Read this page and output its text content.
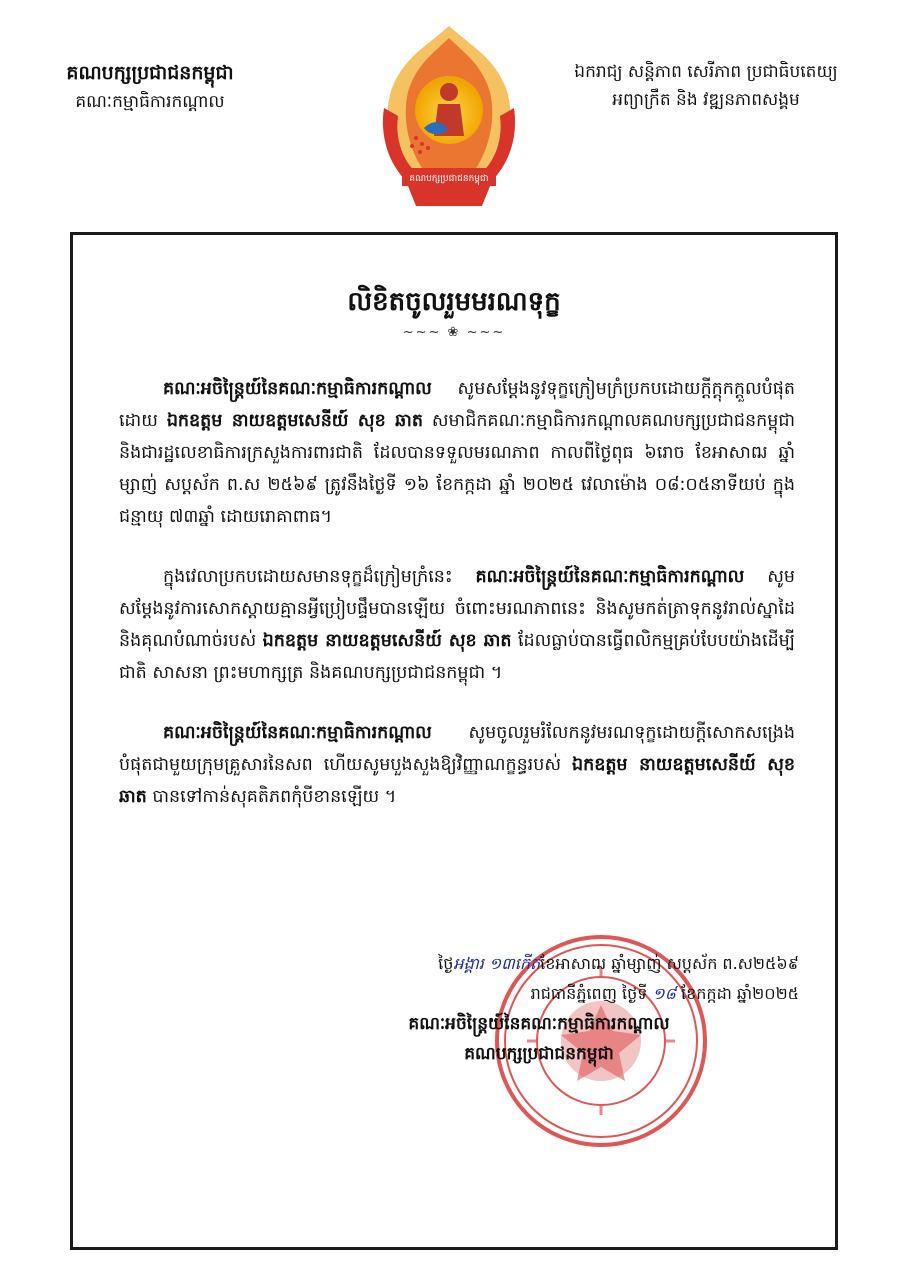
គណបក្សប្រជាជនកម្ពុជា
គណៈកម្មាធិការកណ្តាល
គណបក្សប្រជាជនកម្ពុជា
ឯករាជ្យ សន្តិភាព សេរីភាព ប្រជាធិបតេយ្យ
អព្យាក្រឹត និង វឌ្ឍនភាពសង្គម
លិខិតចូលរួមមរណទុក្ខ
~~~ ❀ ~~~

គណៈអចិន្ត្រៃយ៍នៃគណៈកម្មាធិការកណ្តាល សូមសម្តែងនូវទុក្ខក្រៀមក្រំប្រកបដោយក្តីក្តុកក្តួលបំផុតដោយ ឯកឧត្តម នាយឧត្តមសេនីយ៍ សុខ ឆាត សមាជិកគណៈកម្មាធិការកណ្តាលគណបក្សប្រជាជនកម្ពុជា និងជារដ្ឋលេខាធិការក្រសួងការពារជាតិ ដែលបានទទួលមរណភាព កាលពីថ្ងៃពុធ ៦រោច ខែអាសាឍ ឆ្នាំម្សាញ់ សប្តស័ក ព.ស ២៥៦៩ ត្រូវនឹងថ្ងៃទី ១៦ ខែកក្កដា ឆ្នាំ ២០២៥ វេលាម៉ោង ០៨:០៥នាទីយប់ ក្នុងជន្មាយុ ៧៣ឆ្នាំ ដោយរោគាពាធ។

ក្នុងវេលាប្រកបដោយសមានទុក្ខដ៏ក្រៀមក្រំនេះ គណៈអចិន្ត្រៃយ៍នៃគណៈកម្មាធិការកណ្តាល សូមសម្តែងនូវការសោកស្តាយគ្មានអ្វីប្រៀបផ្ទឹមបានឡើយ ចំពោះមរណភាពនេះ និងសូមកត់ត្រាទុកនូវរាល់ស្នាដៃ និងគុណបំណាច់របស់ ឯកឧត្តម នាយឧត្តមសេនីយ៍ សុខ ឆាត ដែលធ្លាប់បានធ្វើពលិកម្មគ្រប់បែបយ៉ាងដើម្បី ជាតិ សាសនា ព្រះមហាក្សត្រ និងគណបក្សប្រជាជនកម្ពុជា ។

គណៈអចិន្ត្រៃយ៍នៃគណៈកម្មាធិការកណ្តាល សូមចូលរួមរំលែកនូវមរណទុក្ខដោយក្តីសោកសង្រេងបំផុតជាមួយក្រុមគ្រួសារនៃសព ហើយសូមបួងសួងឱ្យវិញ្ញាណក្ខន្ធរបស់ ឯកឧត្តម នាយឧត្តមសេនីយ៍ សុខ ឆាត បានទៅកាន់សុគតិភពកុំបីខានឡើយ ។

ថ្ងៃអង្គារ ១៣កើតខែអាសាឍ ឆ្នាំម្សាញ់ សប្តស័ក ព.ស២៥៦៩
រាជធានីភ្នំពេញ ថ្ងៃទី ១៨ ខែកក្កដា ឆ្នាំ២០២៥
គណៈអចិន្ត្រៃយ៍នៃគណៈកម្មាធិការកណ្តាល
គណបក្សប្រជាជនកម្ពុជា
